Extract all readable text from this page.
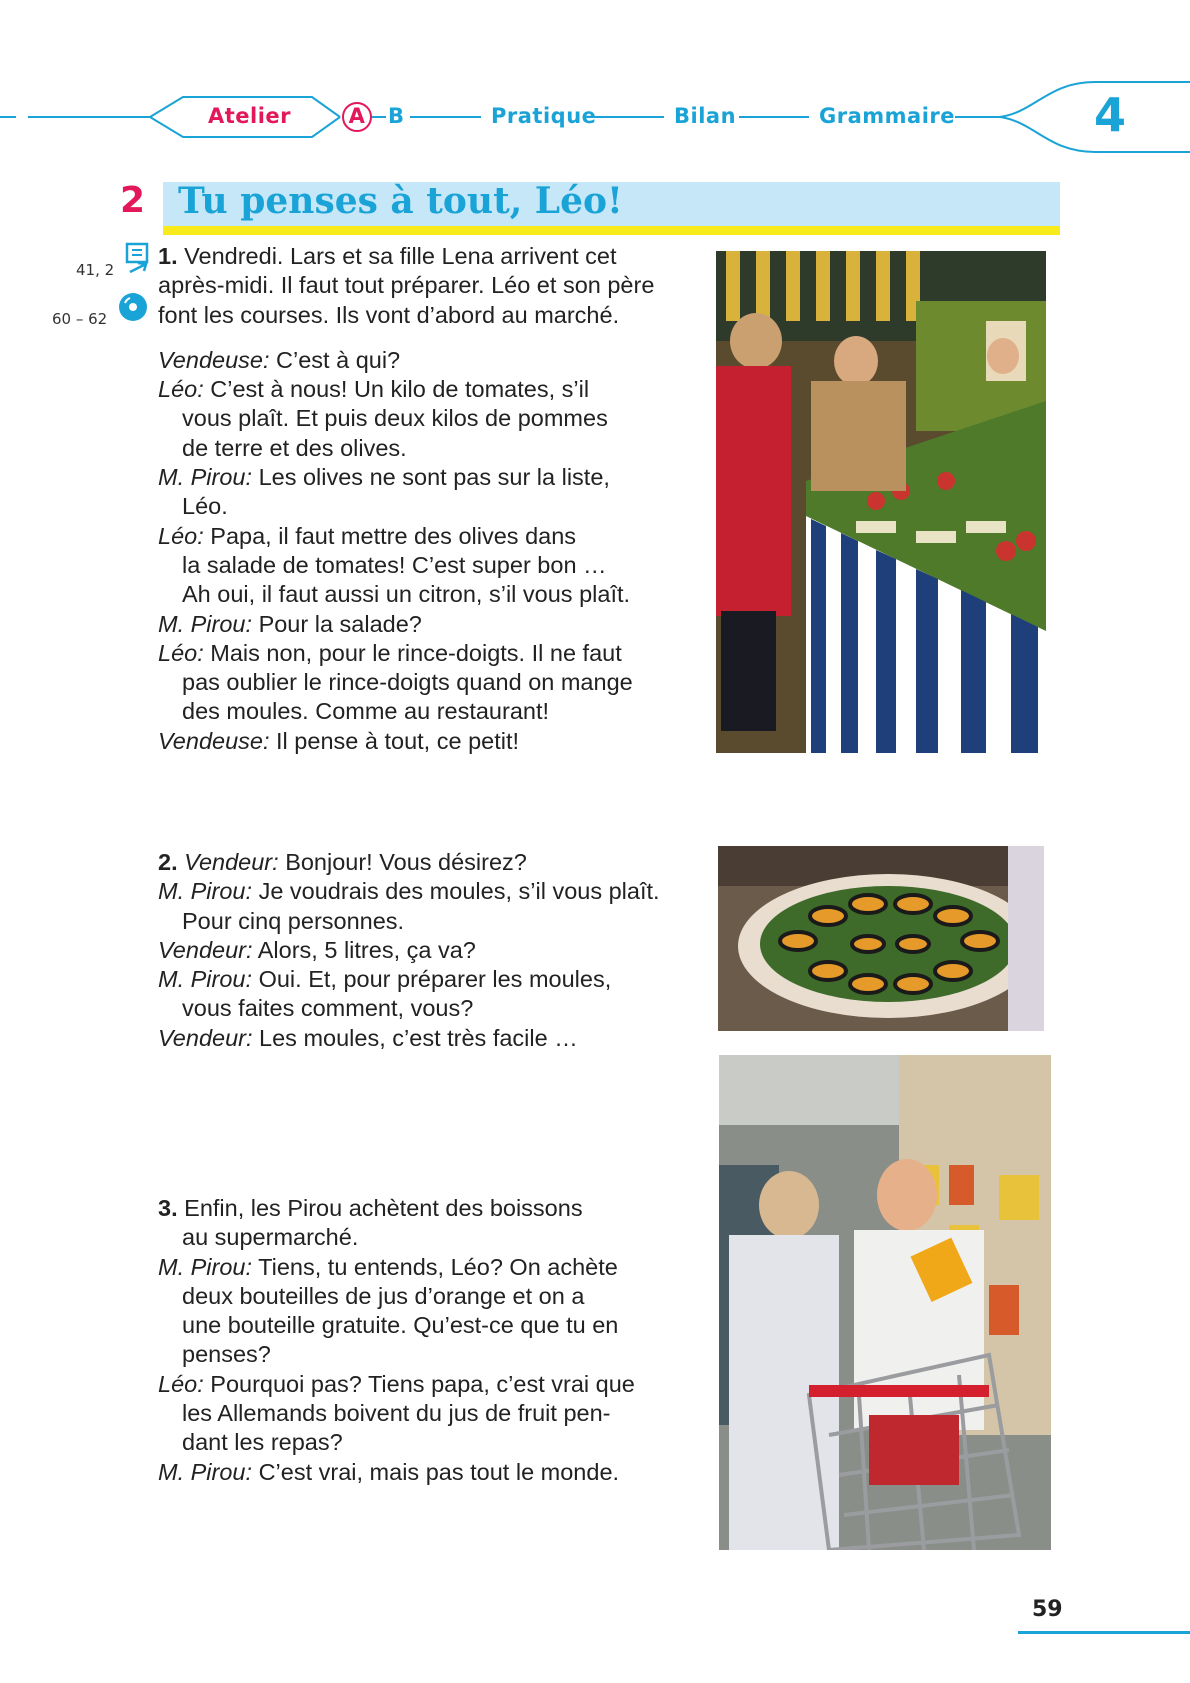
Atelier	A B	Pratique	Bilan	Grammaire	4
2 Tu penses à tout, Léo!
41, 2
60 – 62
1. Vendredi. Lars et sa fille Lena arrivent cet
après-midi. Il faut tout préparer. Léo et son père
font les courses. Ils vont d’abord au marché.
Vendeuse: C’est à qui?
Léo: C’est à nous! Un kilo de tomates, s’il
vous plaît. Et puis deux kilos de pommes
de terre et des olives.
M. Pirou: Les olives ne sont pas sur la liste,
Léo.
Léo: Papa, il faut mettre des olives dans
la salade de tomates! C’est super bon …
Ah oui, il faut aussi un citron, s’il vous plaît.
M. Pirou: Pour la salade?
Léo: Mais non, pour le rince-doigts. Il ne faut
pas oublier le rince-doigts quand on mange
des moules. Comme au restaurant!
Vendeuse: Il pense à tout, ce petit!
2. Vendeur: Bonjour! Vous désirez?
M. Pirou: Je voudrais des moules, s’il vous plaît.
Pour cinq personnes.
Vendeur: Alors, 5 litres, ça va?
M. Pirou: Oui. Et, pour préparer les moules,
vous faites comment, vous?
Vendeur: Les moules, c’est très facile …
3. Enfin, les Pirou achètent des boissons
au supermarché.
M. Pirou: Tiens, tu entends, Léo? On achète
deux bouteilles de jus d’orange et on a
une bouteille gratuite. Qu’est-ce que tu en
penses?
Léo: Pourquoi pas? Tiens papa, c’est vrai que
les Allemands boivent du jus de fruit pen-
dant les repas?
M. Pirou: C’est vrai, mais pas tout le monde.
59
